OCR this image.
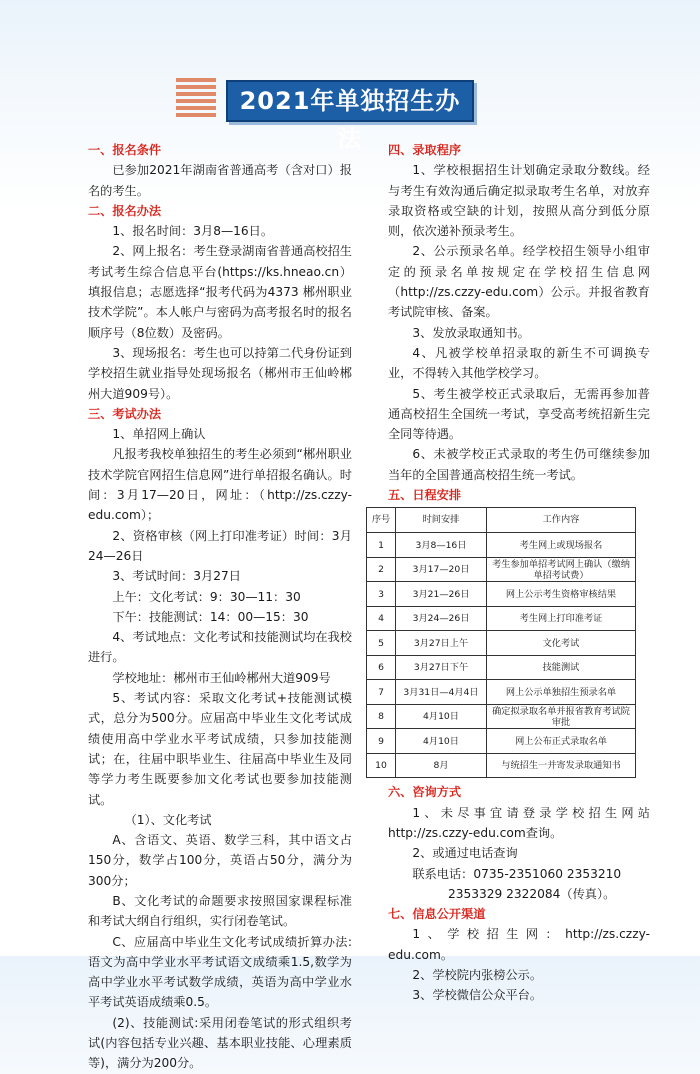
2021年单独招生办法
一、报名条件
已参加2021年湖南省普通高考（含对口）报名的考生。
二、报名办法
1、报名时间：3月8—16日。
2、网上报名：考生登录湖南省普通高校招生考试考生综合信息平台(https://ks.hneao.cn）填报信息；志愿选择“报考代码为4373 郴州职业技术学院”。本人帐户与密码为高考报名时的报名顺序号（8位数）及密码。
3、现场报名：考生也可以持第二代身份证到学校招生就业指导处现场报名（郴州市王仙岭郴州大道909号）。
三、考试办法
1、单招网上确认
凡报考我校单独招生的考生必须到“郴州职业技术学院官网招生信息网”进行单招报名确认。时间：3月17—20日，网址：（http://zs.czzy-edu.com）；
2、资格审核（网上打印准考证）时间：3月24—26日
3、考试时间：3月27日
上午：文化考试：9：30—11：30
下午：技能测试：14：00—15：30
4、考试地点：文化考试和技能测试均在我校进行。
学校地址：郴州市王仙岭郴州大道909号
5、考试内容：采取文化考试+技能测试模式，总分为500分。应届高中毕业生文化考试成绩使用高中学业水平考试成绩，只参加技能测试；在，往届中职毕业生、往届高中毕业生及同等学力考生既要参加文化考试也要参加技能测试。
（1）、文化考试
A、含语文、英语、数学三科，其中语文占150分，数学占100分，英语占50分，满分为300分；
B、文化考试的命题要求按照国家课程标准和考试大纲自行组织，实行闭卷笔试。
C、应届高中毕业生文化考试成绩折算办法:语文为高中学业水平考试语文成绩乘1.5,数学为高中学业水平考试数学成绩，英语为高中学业水平考试英语成绩乘0.5。
(2)、技能测试:采用闭卷笔试的形式组织考试(内容包括专业兴趣、基本职业技能、心理素质等)，满分为200分。
四、录取程序
1、学校根据招生计划确定录取分数线。经与考生有效沟通后确定拟录取考生名单，对放弃录取资格或空缺的计划，按照从高分到低分原则，依次递补预录考生。
2、公示预录名单。经学校招生领导小组审定的预录名单按规定在学校招生信息网（http://zs.czzy-edu.com）公示。并报省教育考试院审核、备案。
3、发放录取通知书。
4、凡被学校单招录取的新生不可调换专业，不得转入其他学校学习。
5、考生被学校正式录取后，无需再参加普通高校招生全国统一考试，享受高考统招新生完全同等待遇。
6、未被学校正式录取的考生仍可继续参加当年的全国普通高校招生统一考试。
五、日程安排
序号	时间安排	工作内容
1	3月8—16日	考生网上或现场报名
2	3月17—20日	考生参加单招考试网上确认（缴纳单招考试费）
3	3月21—26日	网上公示考生资格审核结果
4	3月24—26日	考生网上打印准考证
5	3月27日上午	文化考试
6	3月27日下午	技能测试
7	3月31日—4月4日	网上公示单独招生预录名单
8	4月10日	确定拟录取名单并报省教育考试院审批
9	4月10日	网上公布正式录取名单
10	8月	与统招生一并寄发录取通知书
六、咨询方式
1、未尽事宜请登录学校招生网站http://zs.czzy-edu.com查询。
2、或通过电话查询
联系电话：0735-2351060 2353210
2353329 2322084（传真）。
七、信息公开渠道
1、学校招生网：http://zs.czzy-edu.com。
2、学校院内张榜公示。
3、学校微信公众平台。
